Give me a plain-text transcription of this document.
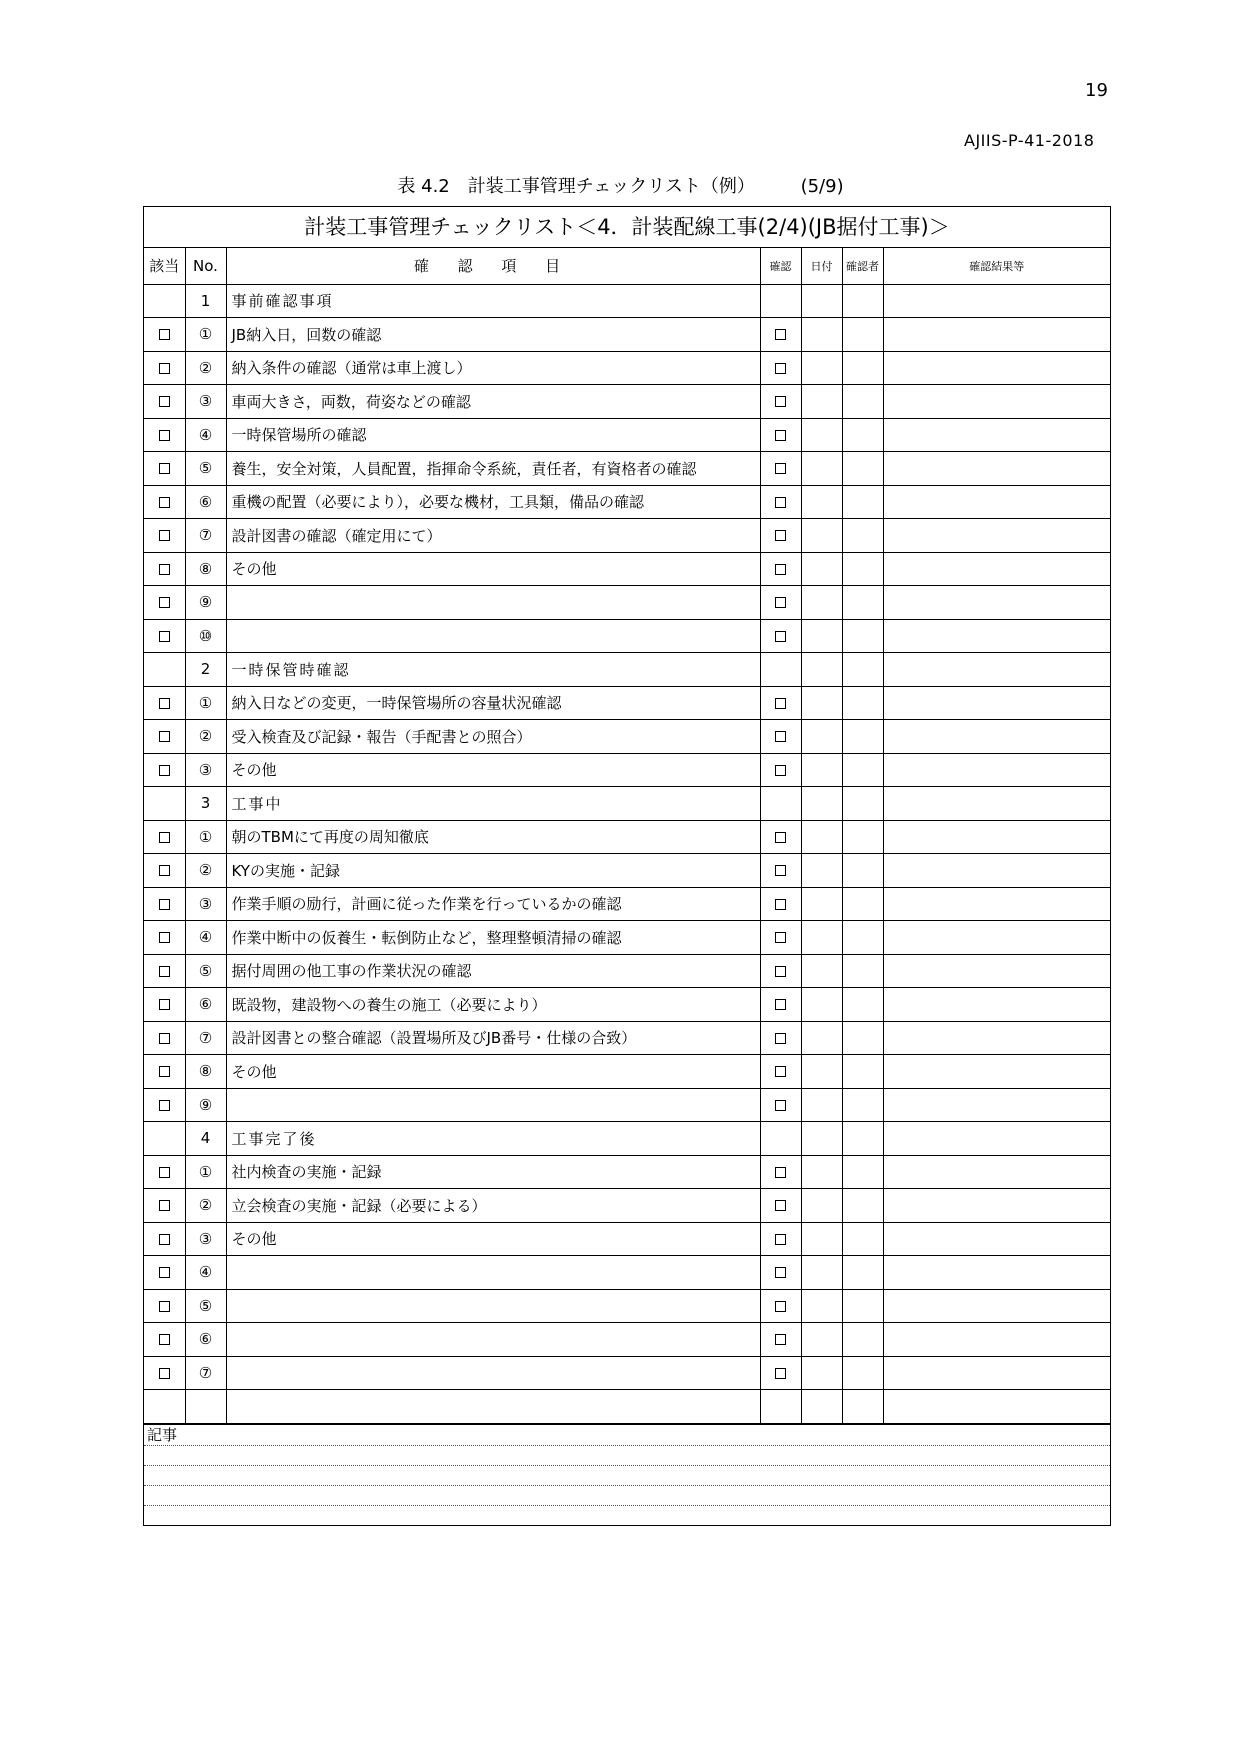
19
AJIIS-P-41-2018
表 4.2　計装工事管理チェックリスト（例）	(5/9)
計装工事管理チェックリスト＜4．計装配線工事(2/4)(JB据付工事)＞
該当	No.	確 認 項 目	確認	日付	確認者	確認結果等
	1	事前確認事項				
	①	JB納入日，回数の確認				
	②	納入条件の確認（通常は車上渡し）				
	③	車両大きさ，両数，荷姿などの確認				
	④	一時保管場所の確認				
	⑤	養生，安全対策，人員配置，指揮命令系統，責任者，有資格者の確認				
	⑥	重機の配置（必要により），必要な機材，工具類，備品の確認				
	⑦	設計図書の確認（確定用にて）				
	⑧	その他				
	⑨					
	⑩					
	2	一時保管時確認				
	①	納入日などの変更，一時保管場所の容量状況確認				
	②	受入検査及び記録・報告（手配書との照合）				
	③	その他				
	3	工事中				
	①	朝のTBMにて再度の周知徹底				
	②	KYの実施・記録				
	③	作業手順の励行，計画に従った作業を行っているかの確認				
	④	作業中断中の仮養生・転倒防止など，整理整頓清掃の確認				
	⑤	据付周囲の他工事の作業状況の確認				
	⑥	既設物，建設物への養生の施工（必要により）				
	⑦	設計図書との整合確認（設置場所及びJB番号・仕様の合致）				
	⑧	その他				
	⑨					
	4	工事完了後				
	①	社内検査の実施・記録				
	②	立会検査の実施・記録（必要による）				
	③	その他				
	④					
	⑤					
	⑥					
	⑦					

記事
